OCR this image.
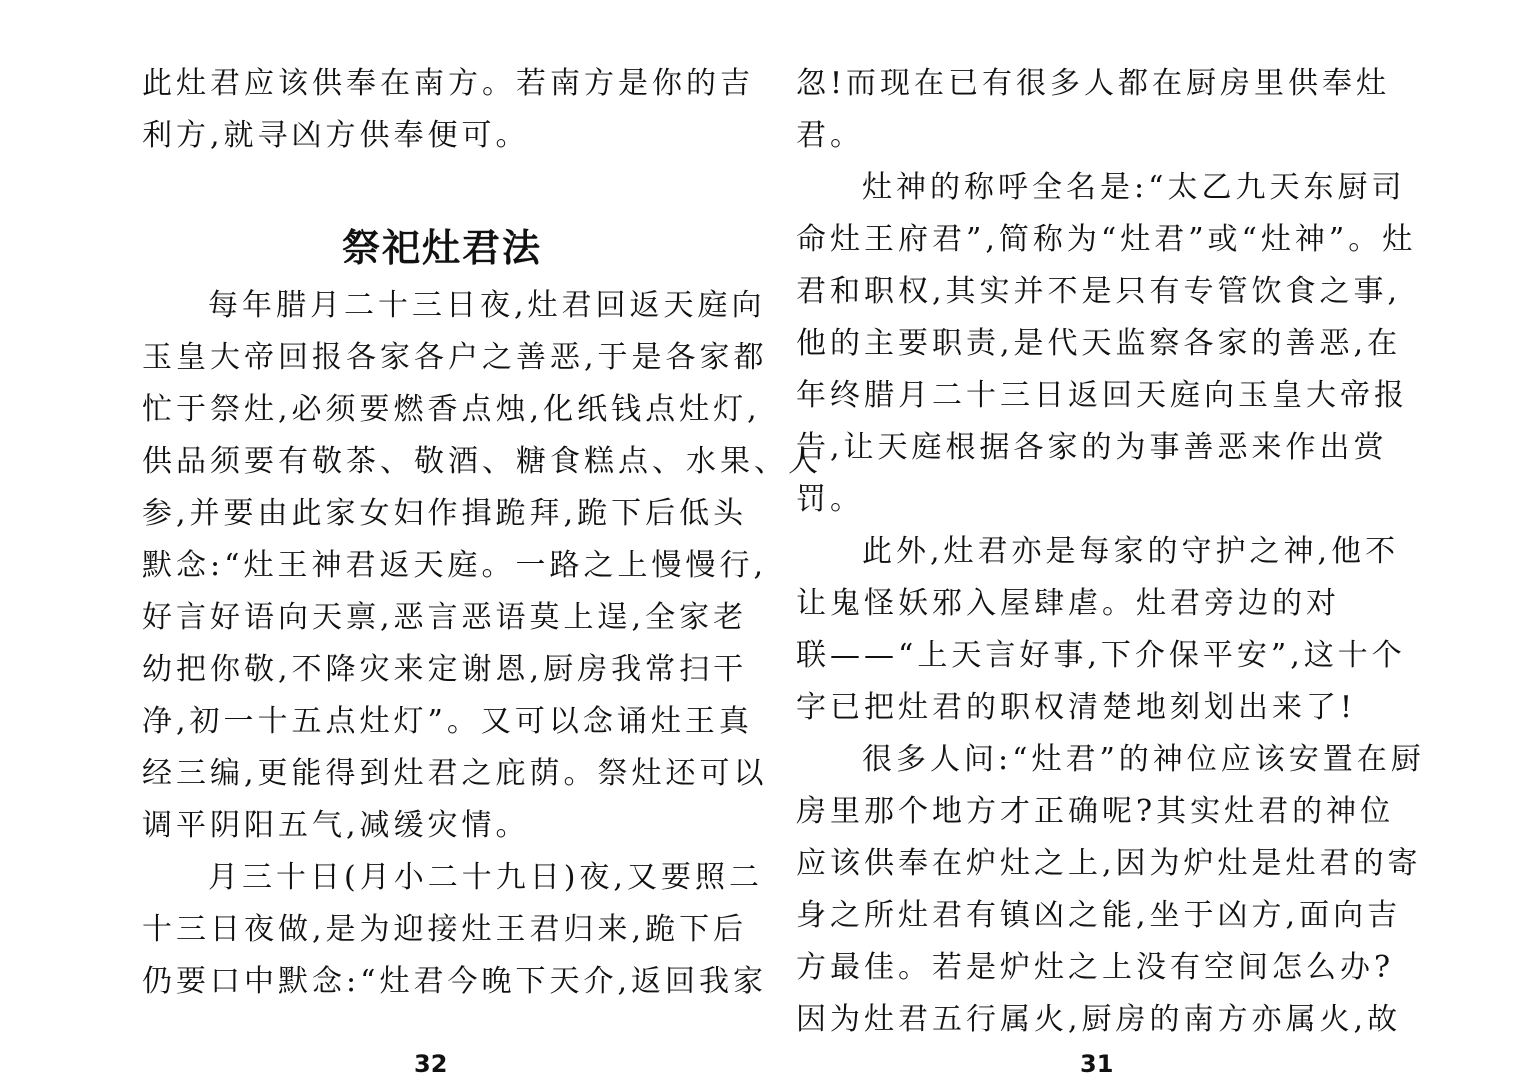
此灶君应该供奉在南方。若南方是你的吉
利方,就寻凶方供奉便可。
祭祀灶君法
每年腊月二十三日夜,灶君回返天庭向
玉皇大帝回报各家各户之善恶,于是各家都
忙于祭灶,必须要燃香点烛,化纸钱点灶灯,
供品须要有敬茶、敬酒、糖食糕点、水果、人
参,并要由此家女妇作揖跪拜,跪下后低头
默念:“灶王神君返天庭。一路之上慢慢行,
好言好语向天禀,恶言恶语莫上逞,全家老
幼把你敬,不降灾来定谢恩,厨房我常扫干
净,初一十五点灶灯”。又可以念诵灶王真
经三编,更能得到灶君之庇荫。祭灶还可以
调平阴阳五气,减缓灾情。
月三十日(月小二十九日)夜,又要照二
十三日夜做,是为迎接灶王君归来,跪下后
仍要口中默念:“灶君今晚下天介,返回我家
32
忽!而现在已有很多人都在厨房里供奉灶
君。
灶神的称呼全名是:“太乙九天东厨司
命灶王府君”,简称为“灶君”或“灶神”。灶
君和职权,其实并不是只有专管饮食之事,
他的主要职责,是代天监察各家的善恶,在
年终腊月二十三日返回天庭向玉皇大帝报
告,让天庭根据各家的为事善恶来作出赏
罚。
此外,灶君亦是每家的守护之神,他不
让鬼怪妖邪入屋肆虐。灶君旁边的对
联——“上天言好事,下介保平安”,这十个
字已把灶君的职权清楚地刻划出来了!
很多人问:“灶君”的神位应该安置在厨
房里那个地方才正确呢?其实灶君的神位
应该供奉在炉灶之上,因为炉灶是灶君的寄
身之所灶君有镇凶之能,坐于凶方,面向吉
方最佳。若是炉灶之上没有空间怎么办?
因为灶君五行属火,厨房的南方亦属火,故
31
